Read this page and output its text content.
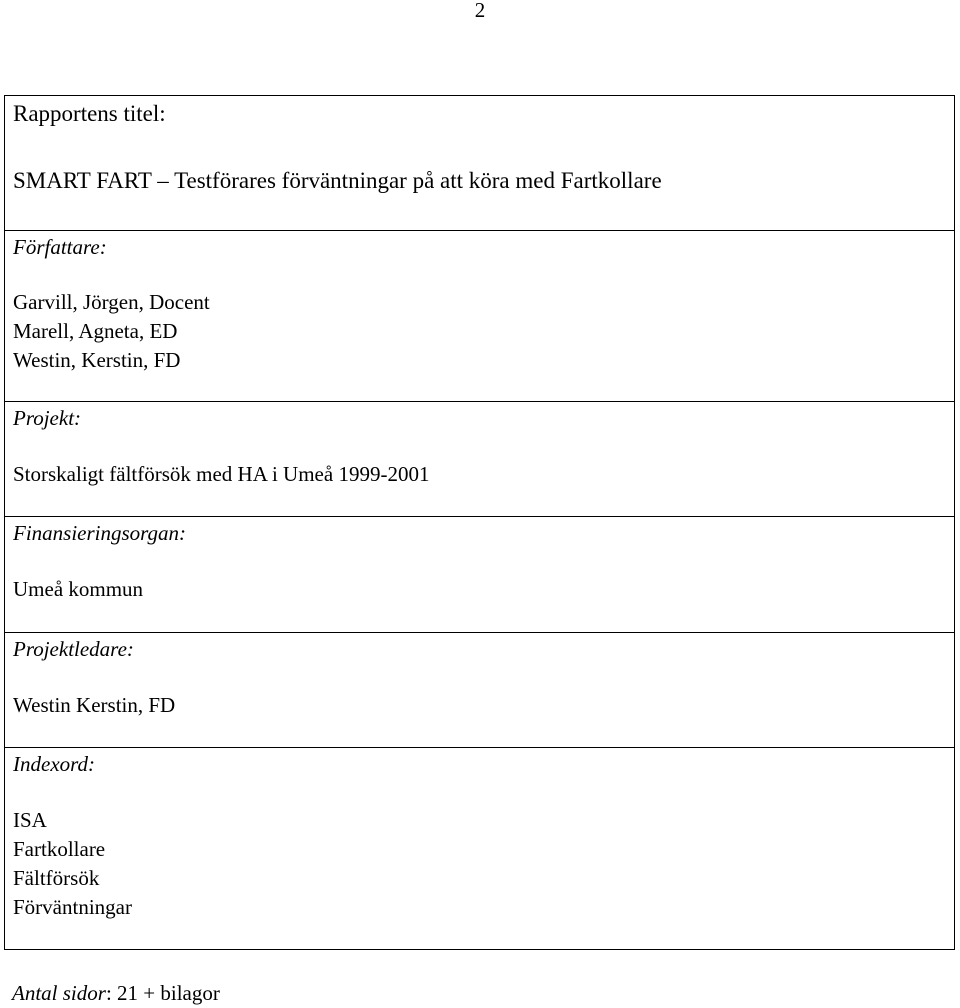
2
Rapportens titel:
SMART FART – Testförares förväntningar på att köra med Fartkollare
Författare:
Garvill, Jörgen, Docent
Marell, Agneta, ED
Westin, Kerstin, FD
Projekt:
Storskaligt fältförsök med HA i Umeå 1999-2001
Finansieringsorgan:
Umeå kommun
Projektledare:
Westin Kerstin, FD
Indexord:
ISA
Fartkollare
Fältförsök
Förväntningar
Antal sidor: 21 + bilagor
